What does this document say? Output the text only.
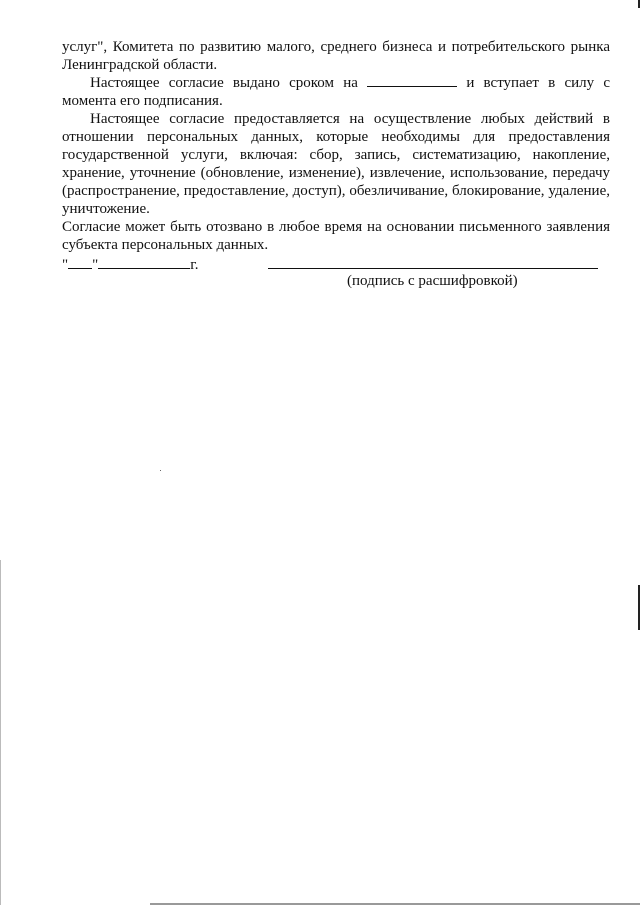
услуг", Комитета по развитию малого, среднего бизнеса и потребительского рынка Ленинградской области.

Настоящее согласие выдано сроком на	и вступает в силу с момента его подписания.

Настоящее согласие предоставляется на осуществление любых действий в отношении персональных данных, которые необходимы для предоставления государственной услуги, включая: сбор, запись, систематизацию, накопление, хранение, уточнение (обновление, изменение), извлечение, использование, передачу (распространение, предоставление, доступ), обезличивание, блокирование, удаление, уничтожение.

Согласие может быть отозвано в любое время на основании письменного заявления субъекта персональных данных.

" "	г.
(подпись с расшифровкой)
